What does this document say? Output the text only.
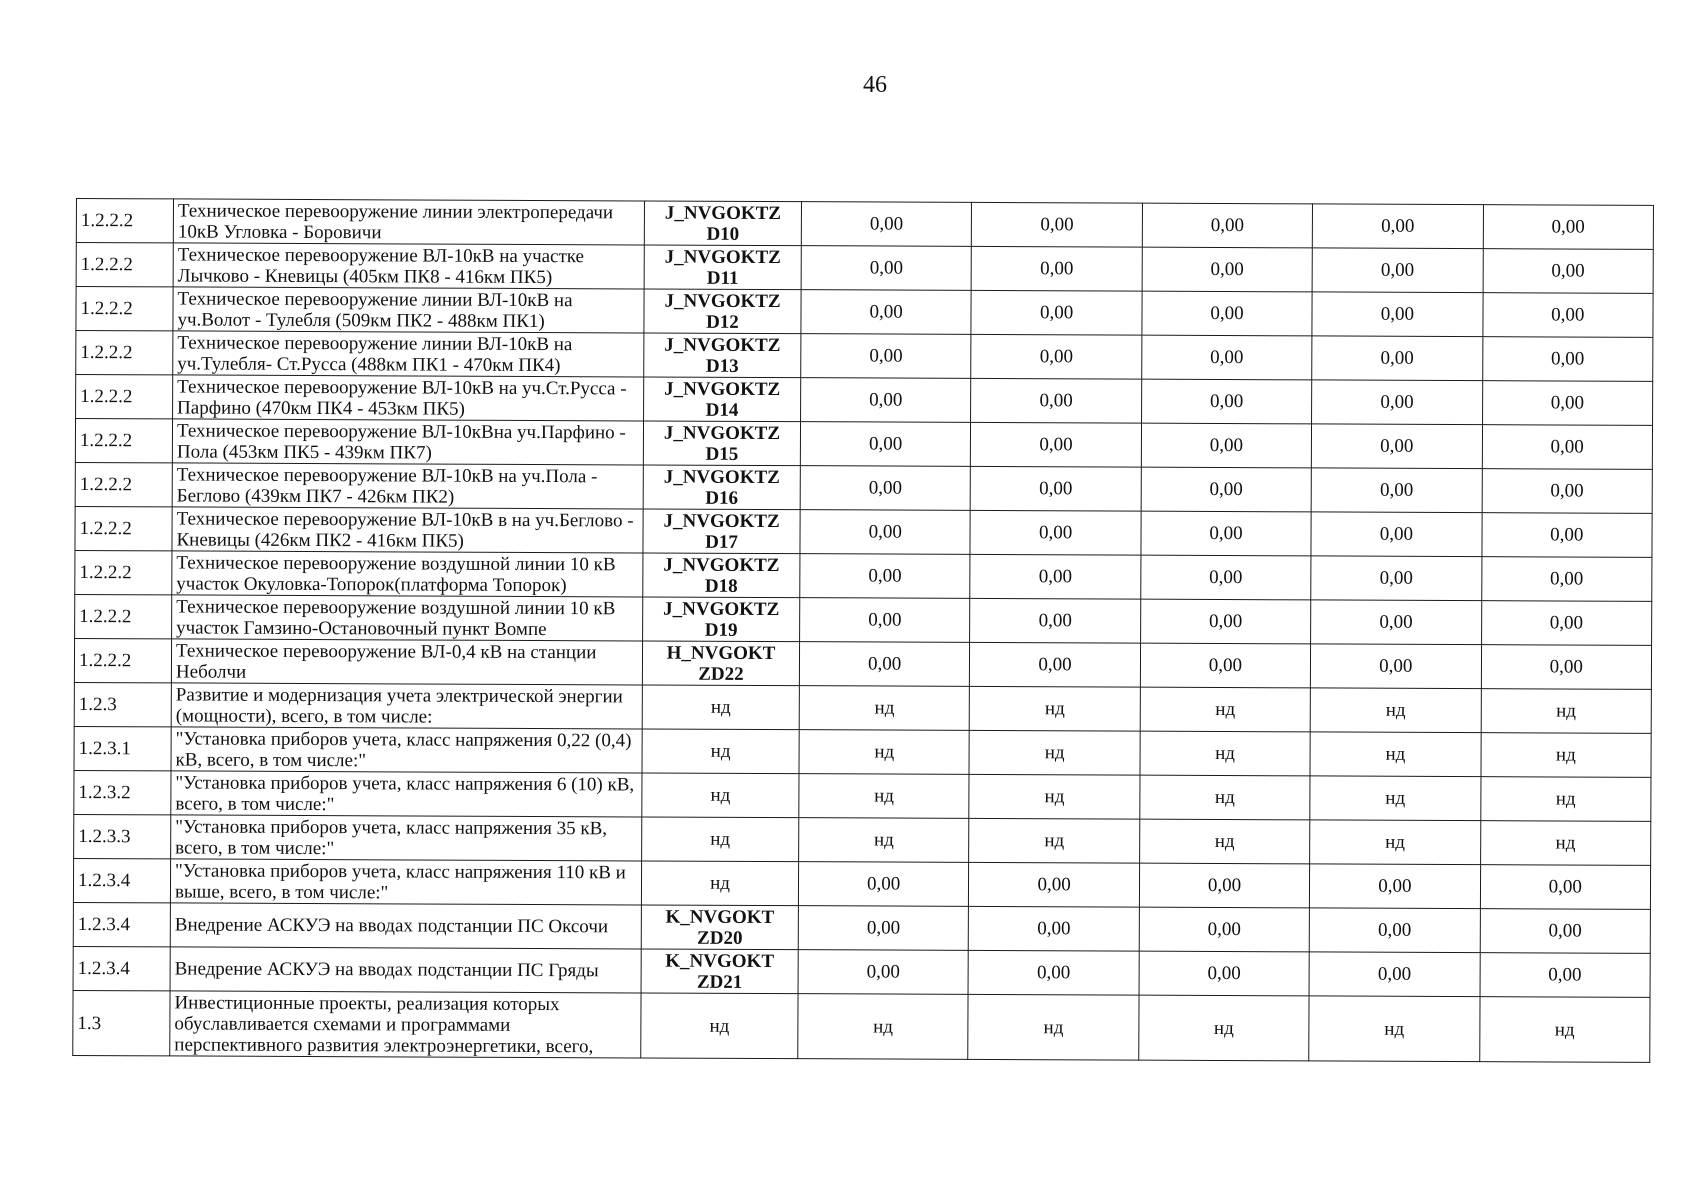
46
1.2.2.2	Техническое перевооружение линии электропередачи 10кВ Угловка - Боровичи	J_NVGOKTZ D10	0,00	0,00	0,00	0,00	0,00
1.2.2.2	Техническое перевооружение ВЛ-10кВ на участке Лычково - Кневицы (405км ПК8 - 416км ПК5)	J_NVGOKTZ D11	0,00	0,00	0,00	0,00	0,00
1.2.2.2	Техническое перевооружение линии ВЛ-10кВ на уч.Волот - Тулебля (509км ПК2 - 488км ПК1)	J_NVGOKTZ D12	0,00	0,00	0,00	0,00	0,00
1.2.2.2	Техническое перевооружение линии ВЛ-10кВ на уч.Тулебля- Ст.Русса (488км ПК1 - 470км ПК4)	J_NVGOKTZ D13	0,00	0,00	0,00	0,00	0,00
1.2.2.2	Техническое перевооружение ВЛ-10кВ на уч.Ст.Русса - Парфино (470км ПК4 - 453км ПК5)	J_NVGOKTZ D14	0,00	0,00	0,00	0,00	0,00
1.2.2.2	Техническое перевооружение ВЛ-10кВна уч.Парфино - Пола (453км ПК5 - 439км ПК7)	J_NVGOKTZ D15	0,00	0,00	0,00	0,00	0,00
1.2.2.2	Техническое перевооружение ВЛ-10кВ на уч.Пола - Беглово (439км ПК7 - 426км ПК2)	J_NVGOKTZ D16	0,00	0,00	0,00	0,00	0,00
1.2.2.2	Техническое перевооружение ВЛ-10кВ в на уч.Беглово - Кневицы (426км ПК2 - 416км ПК5)	J_NVGOKTZ D17	0,00	0,00	0,00	0,00	0,00
1.2.2.2	Техническое перевооружение воздушной линии 10 кВ участок Окуловка-Топорок(платформа Топорок)	J_NVGOKTZ D18	0,00	0,00	0,00	0,00	0,00
1.2.2.2	Техническое перевооружение воздушной линии 10 кВ участок Гамзино-Остановочный пункт Вомпе	J_NVGOKTZ D19	0,00	0,00	0,00	0,00	0,00
1.2.2.2	Техническое перевооружение ВЛ-0,4 кВ на станции Неболчи	H_NVGOKT ZD22	0,00	0,00	0,00	0,00	0,00
1.2.3	Развитие и модернизация учета электрической энергии (мощности), всего, в том числе:	нд	нд	нд	нд	нд	нд
1.2.3.1	"Установка приборов учета, класс напряжения 0,22 (0,4) кВ, всего, в том числе:"	нд	нд	нд	нд	нд	нд
1.2.3.2	"Установка приборов учета, класс напряжения 6 (10) кВ, всего, в том числе:"	нд	нд	нд	нд	нд	нд
1.2.3.3	"Установка приборов учета, класс напряжения 35 кВ, всего, в том числе:"	нд	нд	нд	нд	нд	нд
1.2.3.4	"Установка приборов учета, класс напряжения 110 кВ и выше, всего, в том числе:"	нд	0,00	0,00	0,00	0,00	0,00
1.2.3.4	Внедрение АСКУЭ на вводах подстанции ПС Оксочи	K_NVGOKT ZD20	0,00	0,00	0,00	0,00	0,00
1.2.3.4	Внедрение АСКУЭ на вводах подстанции ПС Гряды	K_NVGOKT ZD21	0,00	0,00	0,00	0,00	0,00
1.3	Инвестиционные проекты, реализация которых обуславливается схемами и программами перспективного развития электроэнергетики, всего,	нд	нд	нд	нд	нд	нд
